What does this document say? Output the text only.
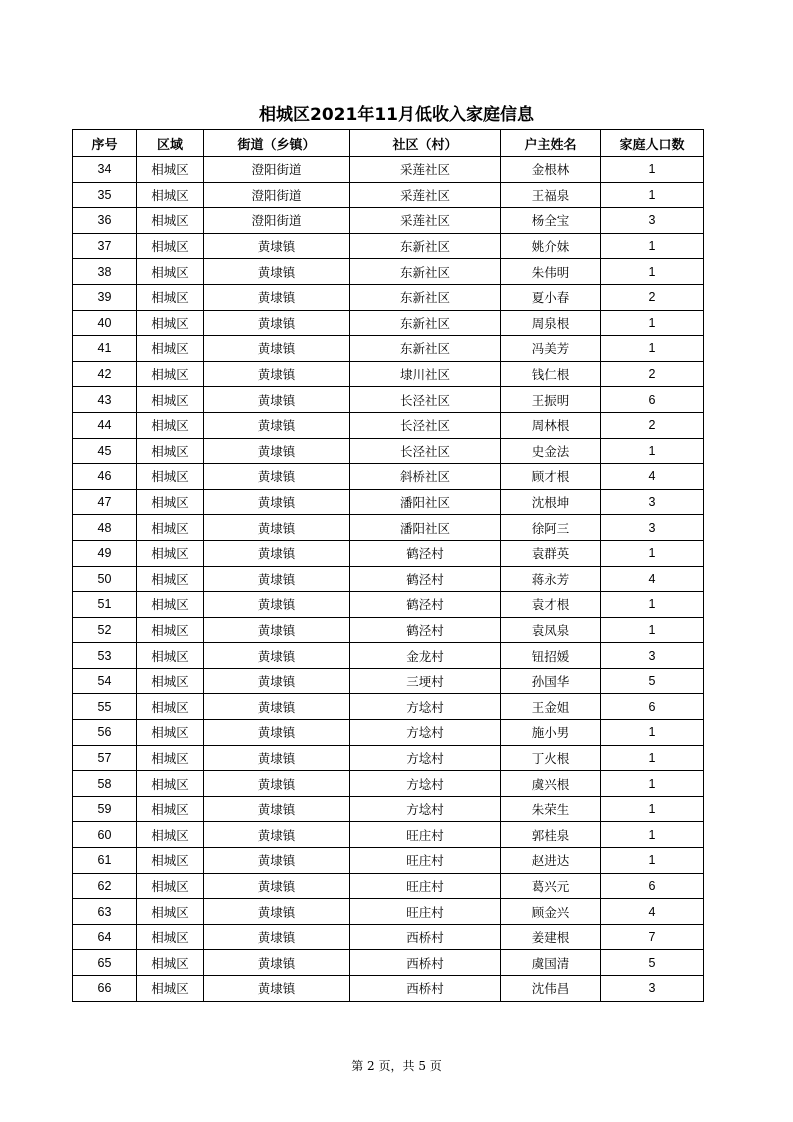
相城区2021年11月低收入家庭信息
序号	区域	街道（乡镇）	社区（村）	户主姓名	家庭人口数
34	相城区	澄阳街道	采莲社区	金根林	1
35	相城区	澄阳街道	采莲社区	王福泉	1
36	相城区	澄阳街道	采莲社区	杨全宝	3
37	相城区	黄埭镇	东新社区	姚介妹	1
38	相城区	黄埭镇	东新社区	朱伟明	1
39	相城区	黄埭镇	东新社区	夏小春	2
40	相城区	黄埭镇	东新社区	周泉根	1
41	相城区	黄埭镇	东新社区	冯美芳	1
42	相城区	黄埭镇	埭川社区	钱仁根	2
43	相城区	黄埭镇	长泾社区	王振明	6
44	相城区	黄埭镇	长泾社区	周林根	2
45	相城区	黄埭镇	长泾社区	史金法	1
46	相城区	黄埭镇	斜桥社区	顾才根	4
47	相城区	黄埭镇	潘阳社区	沈根坤	3
48	相城区	黄埭镇	潘阳社区	徐阿三	3
49	相城区	黄埭镇	鹤泾村	袁群英	1
50	相城区	黄埭镇	鹤泾村	蒋永芳	4
51	相城区	黄埭镇	鹤泾村	袁才根	1
52	相城区	黄埭镇	鹤泾村	袁凤泉	1
53	相城区	黄埭镇	金龙村	钮招媛	3
54	相城区	黄埭镇	三埂村	孙国华	5
55	相城区	黄埭镇	方埝村	王金姐	6
56	相城区	黄埭镇	方埝村	施小男	1
57	相城区	黄埭镇	方埝村	丁火根	1
58	相城区	黄埭镇	方埝村	虞兴根	1
59	相城区	黄埭镇	方埝村	朱荣生	1
60	相城区	黄埭镇	旺庄村	郭桂泉	1
61	相城区	黄埭镇	旺庄村	赵进达	1
62	相城区	黄埭镇	旺庄村	葛兴元	6
63	相城区	黄埭镇	旺庄村	顾金兴	4
64	相城区	黄埭镇	西桥村	姜建根	7
65	相城区	黄埭镇	西桥村	虞国清	5
66	相城区	黄埭镇	西桥村	沈伟昌	3
第 2 页，共 5 页
